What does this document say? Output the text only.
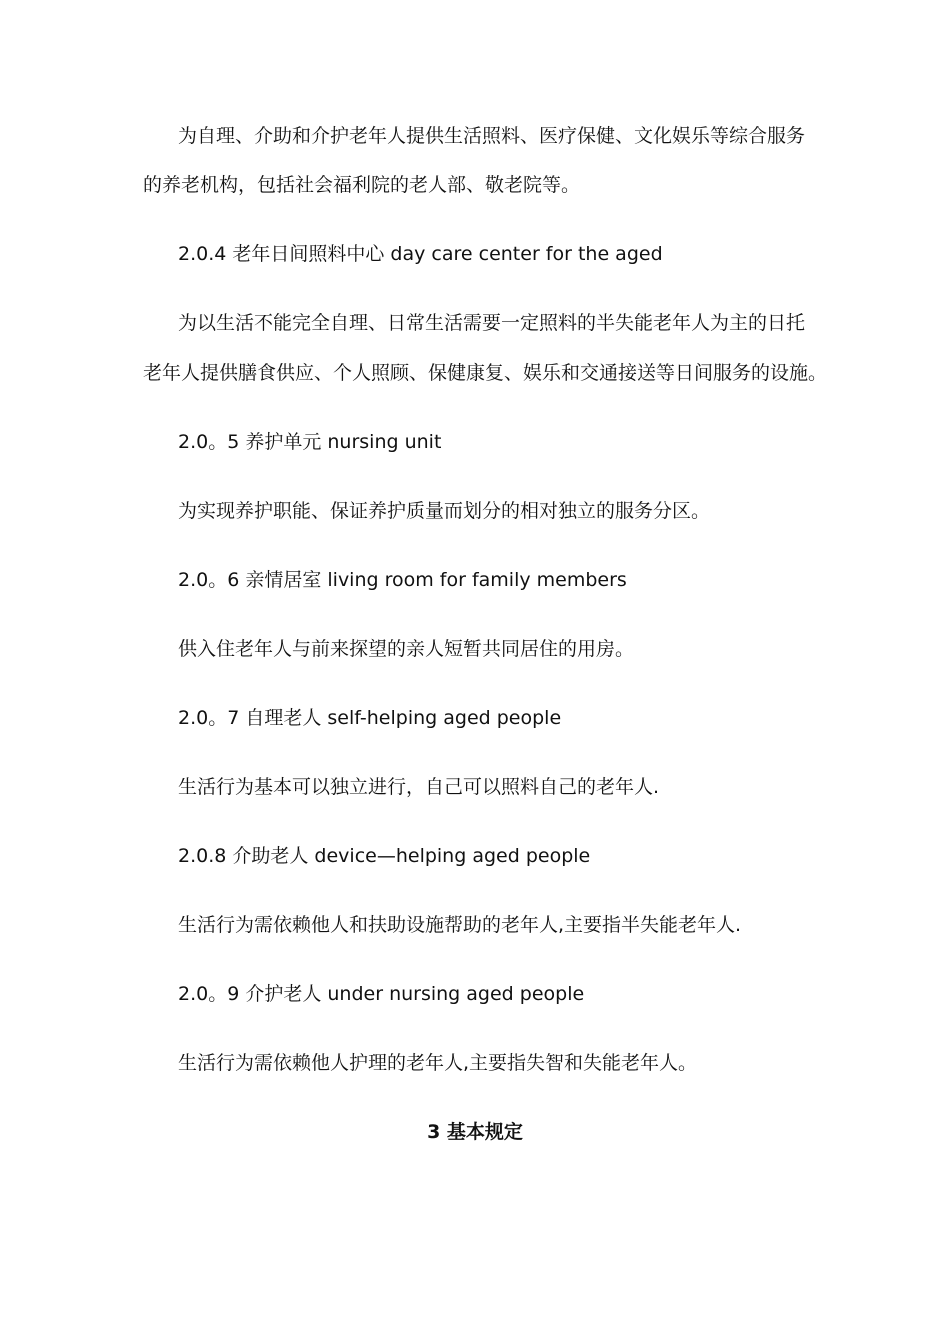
为自理、介助和介护老年人提供生活照料、医疗保健、文化娱乐等综合服务
的养老机构，包括社会福利院的老人部、敬老院等。
2.0.4 老年日间照料中心 day care center for the aged
为以生活不能完全自理、日常生活需要一定照料的半失能老年人为主的日托
老年人提供膳食供应、个人照顾、保健康复、娱乐和交通接送等日间服务的设施。
2.0。5 养护单元 nursing unit
为实现养护职能、保证养护质量而划分的相对独立的服务分区。
2.0。6 亲情居室 living room for family members
供入住老年人与前来探望的亲人短暂共同居住的用房。
2.0。7 自理老人 self-helping aged people
生活行为基本可以独立进行，自己可以照料自己的老年人.
2.0.8 介助老人 device—helping aged people
生活行为需依赖他人和扶助设施帮助的老年人,主要指半失能老年人.
2.0。9 介护老人 under nursing aged people
生活行为需依赖他人护理的老年人,主要指失智和失能老年人。
3 基本规定
